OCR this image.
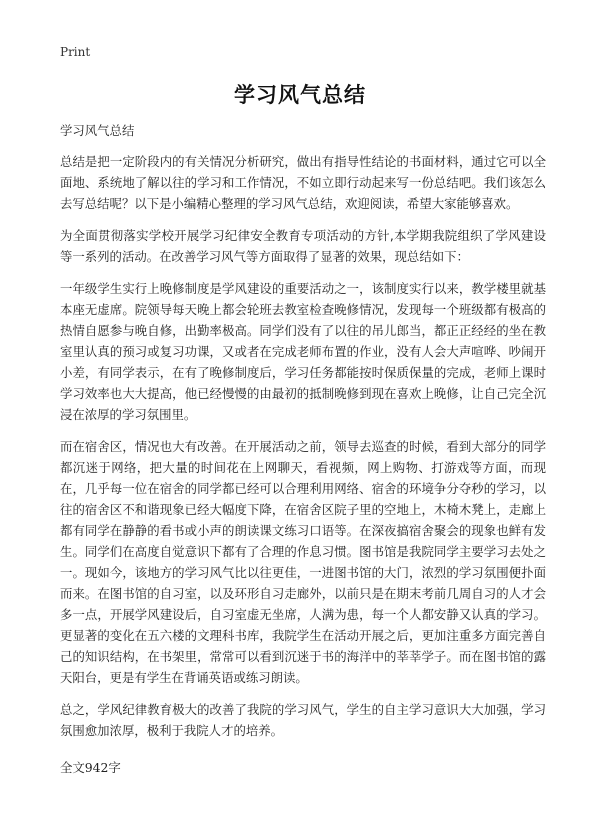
Print
学习风气总结

学习风气总结

总结是把一定阶段内的有关情况分析研究，做出有指导性结论的书面材料，通过它可以全面地、系统地了解以往的学习和工作情况，不如立即行动起来写一份总结吧。我们该怎么去写总结呢？以下是小编精心整理的学习风气总结，欢迎阅读，希望大家能够喜欢。

为全面贯彻落实学校开展学习纪律安全教育专项活动的方针,本学期我院组织了学风建设等一系列的活动。在改善学习风气等方面取得了显著的效果，现总结如下：

一年级学生实行上晚修制度是学风建设的重要活动之一，该制度实行以来，教学楼里就基本座无虚席。院领导每天晚上都会轮班去教室检查晚修情况，发现每一个班级都有极高的热情自愿参与晚自修，出勤率极高。同学们没有了以往的吊儿郎当，都正正经经的坐在教室里认真的预习或复习功课，又或者在完成老师布置的作业，没有人会大声喧哗、吵闹开小差，有同学表示，在有了晚修制度后，学习任务都能按时保质保量的完成，老师上课时学习效率也大大提高，他已经慢慢的由最初的抵制晚修到现在喜欢上晚修，让自己完全沉浸在浓厚的学习氛围里。

而在宿舍区，情况也大有改善。在开展活动之前，领导去巡查的时候，看到大部分的同学都沉迷于网络，把大量的时间花在上网聊天，看视频，网上购物、打游戏等方面，而现在，几乎每一位在宿舍的同学都已经可以合理利用网络、宿舍的环境争分夺秒的学习，以往的宿舍区不和谐现象已经大幅度下降，在宿舍区院子里的空地上，木椅木凳上，走廊上都有同学在静静的看书或小声的朗读课文练习口语等。在深夜搞宿舍聚会的现象也鲜有发生。同学们在高度自觉意识下都有了合理的作息习惯。图书馆是我院同学主要学习去处之一。现如今，该地方的学习风气比以往更佳，一进图书馆的大门，浓烈的学习氛围便扑面而来。在图书馆的自习室，以及环形自习走廊外，以前只是在期末考前几周自习的人才会多一点，开展学风建设后，自习室虚无坐席，人满为患，每一个人都安静又认真的学习。更显著的变化在五六楼的文理科书库，我院学生在活动开展之后，更加注重多方面完善自己的知识结构，在书架里，常常可以看到沉迷于书的海洋中的莘莘学子。而在图书馆的露天阳台，更是有学生在背诵英语或练习朗读。

总之，学风纪律教育极大的改善了我院的学习风气，学生的自主学习意识大大加强，学习氛围愈加浓厚，极利于我院人才的培养。

全文942字
